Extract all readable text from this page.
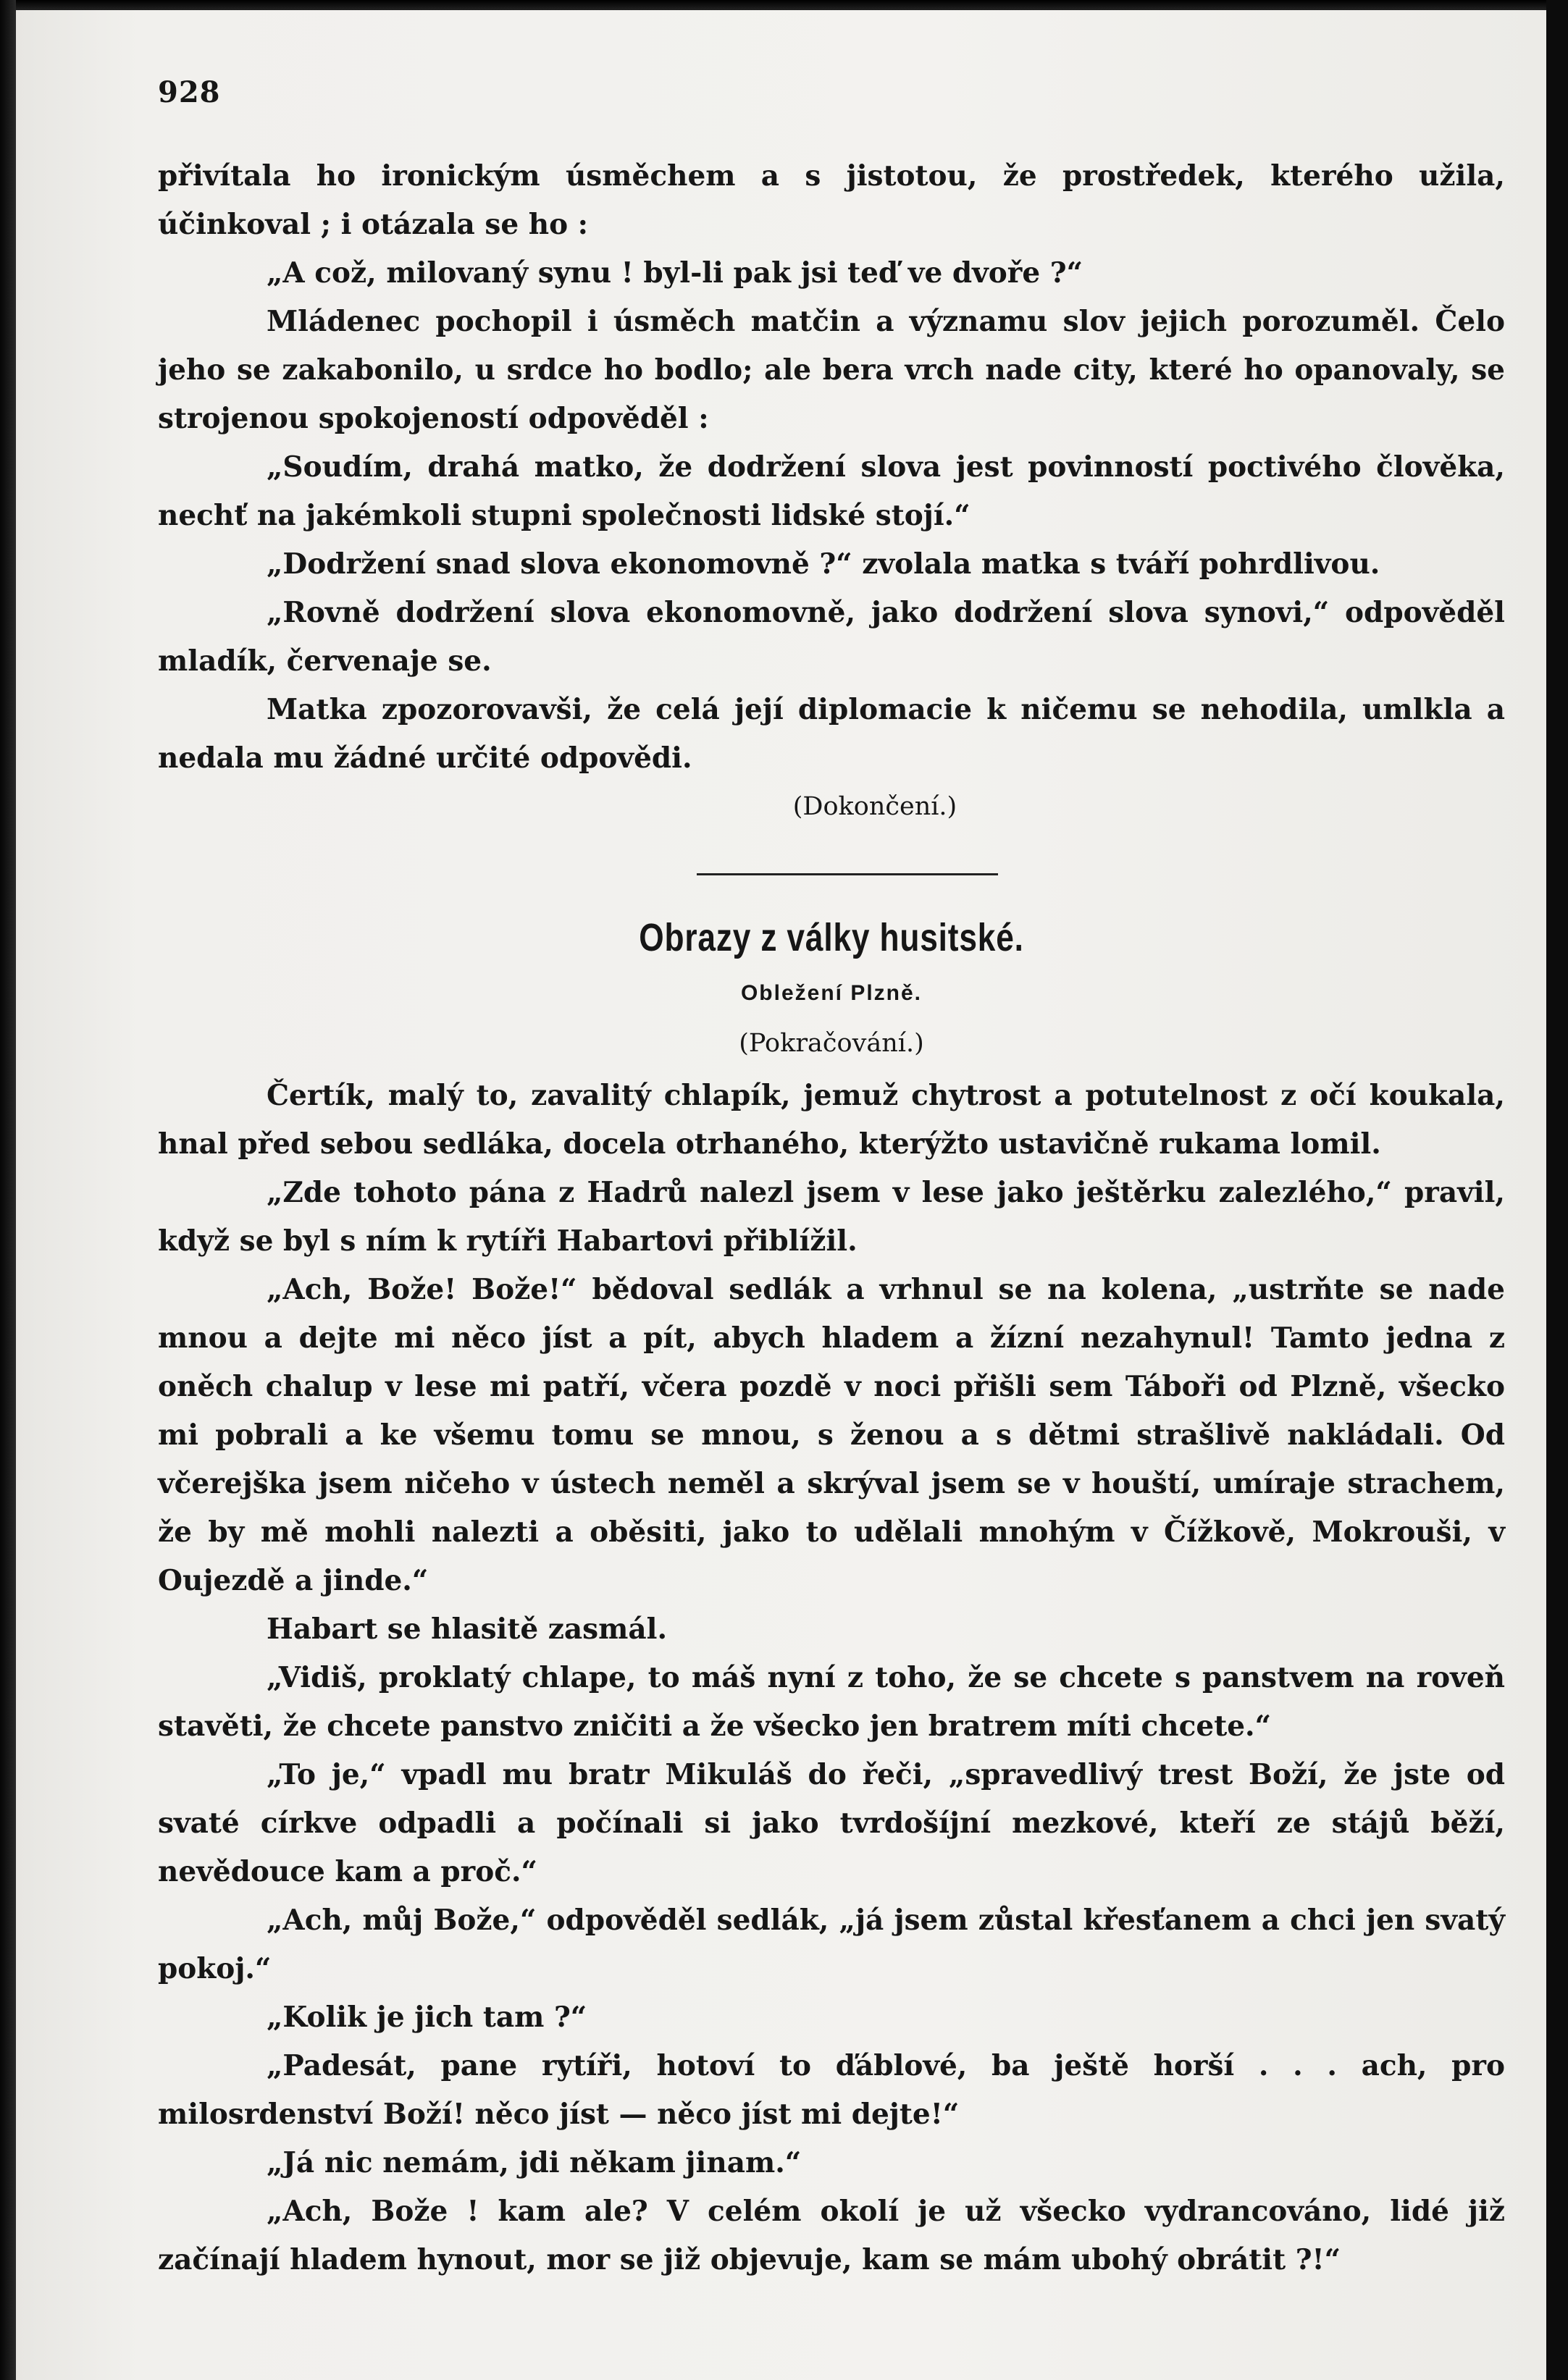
928

přivítala ho ironickým úsměchem a s jistotou, že prostředek, kterého užila, účinkoval ; i otázala se ho :

„A což, milovaný synu ! byl-li pak jsi teď ve dvoře ?“

Mládenec pochopil i úsměch matčin a významu slov jejich porozuměl. Čelo jeho se zakabonilo, u srdce ho bodlo; ale bera vrch nade city, které ho opanovaly, se strojenou spokojeností odpověděl :

„Soudím, drahá matko, že dodržení slova jest povinností poctivého člověka, nechť na jakémkoli stupni společnosti lidské stojí.“

„Dodržení snad slova ekonomovně ?“ zvolala matka s tváří pohrdlivou.

„Rovně dodržení slova ekonomovně, jako dodržení slova synovi,“ odpověděl mladík, červenaje se.

Matka zpozorovavši, že celá její diplomacie k ničemu se nehodila, umlkla a nedala mu žádné určité odpovědi.

(Dokončení.)

Obrazy z války husitské.
Obležení Plzně.
(Pokračování.)

Čertík, malý to, zavalitý chlapík, jemuž chytrost a potutelnost z očí koukala, hnal před sebou sedláka, docela otrhaného, kterýžto ustavičně rukama lomil.

„Zde tohoto pána z Hadrů nalezl jsem v lese jako ještěrku zalezlého,“ pravil, když se byl s ním k rytíři Habartovi přiblížil.

„Ach, Bože! Bože!“ bědoval sedlák a vrhnul se na kolena, „ustrňte se nade mnou a dejte mi něco jíst a pít, abych hladem a žízní nezahynul! Tamto jedna z oněch chalup v lese mi patří, včera pozdě v noci přišli sem Táboři od Plzně, všecko mi pobrali a ke všemu tomu se mnou, s ženou a s dětmi strašlivě nakládali. Od včerejška jsem ničeho v ústech neměl a skrýval jsem se v houští, umíraje strachem, že by mě mohli nalezti a oběsiti, jako to udělali mnohým v Čížkově, Mokrouši, v Oujezdě a jinde.“

Habart se hlasitě zasmál.

„Vidiš, proklatý chlape, to máš nyní z toho, že se chcete s panstvem na roveň stavěti, že chcete panstvo zničiti a že všecko jen bratrem míti chcete.“

„To je,“ vpadl mu bratr Mikuláš do řeči, „spravedlivý trest Boží, že jste od svaté církve odpadli a počínali si jako tvrdošíjní mezkové, kteří ze stájů běží, nevědouce kam a proč.“

„Ach, můj Bože,“ odpověděl sedlák, „já jsem zůstal křesťanem a chci jen svatý pokoj.“

„Kolik je jich tam ?“

„Padesát, pane rytíři, hotoví to ďáblové, ba ještě horší . . . ach, pro milosrdenství Boží! něco jíst — něco jíst mi dejte!“

„Já nic nemám, jdi někam jinam.“

„Ach, Bože ! kam ale? V celém okolí je už všecko vydrancováno, lidé již začínají hladem hynout, mor se již objevuje, kam se mám ubohý obrátit ?!“
